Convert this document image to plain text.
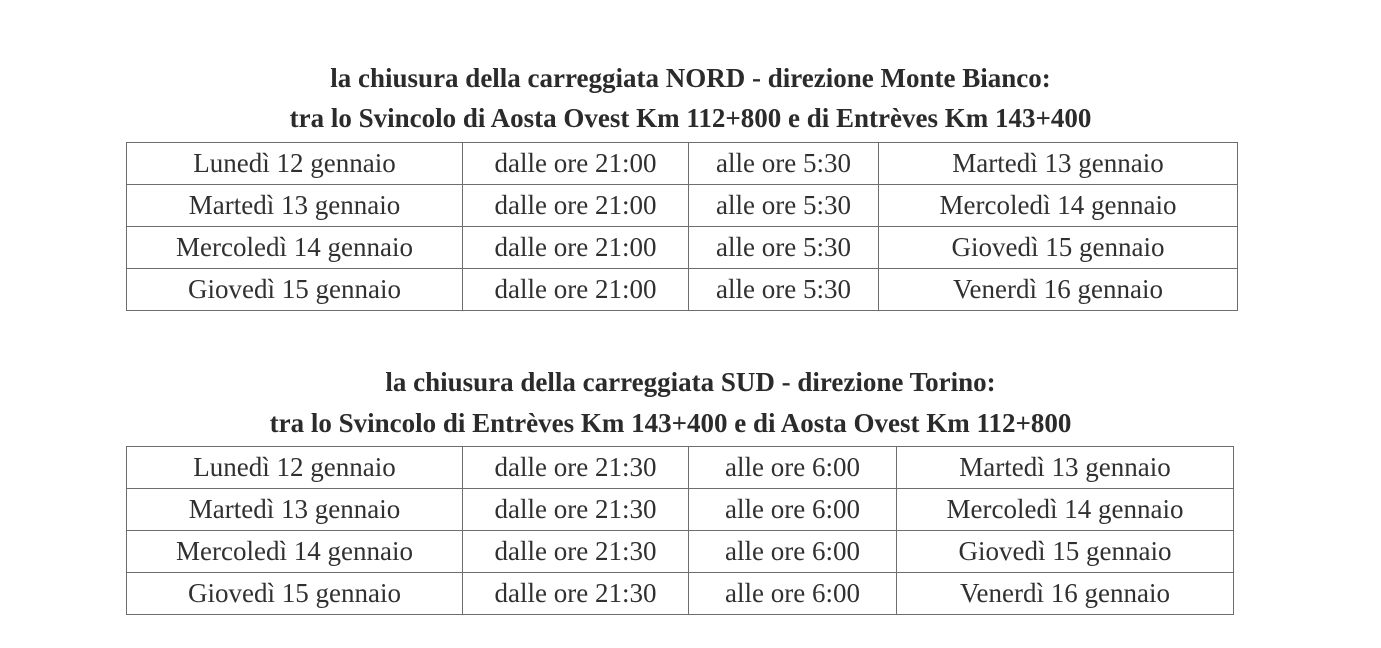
la chiusura della carreggiata NORD - direzione Monte Bianco:
tra lo Svincolo di Aosta Ovest Km 112+800 e di Entrèves Km 143+400
Lunedì 12 gennaio	dalle ore 21:00	alle ore 5:30	Martedì 13 gennaio
Martedì 13 gennaio	dalle ore 21:00	alle ore 5:30	Mercoledì 14 gennaio
Mercoledì 14 gennaio	dalle ore 21:00	alle ore 5:30	Giovedì 15 gennaio
Giovedì 15 gennaio	dalle ore 21:00	alle ore 5:30	Venerdì 16 gennaio
la chiusura della carreggiata SUD - direzione Torino:
tra lo Svincolo di Entrèves Km 143+400 e di Aosta Ovest Km 112+800
Lunedì 12 gennaio	dalle ore 21:30	alle ore 6:00	Martedì 13 gennaio
Martedì 13 gennaio	dalle ore 21:30	alle ore 6:00	Mercoledì 14 gennaio
Mercoledì 14 gennaio	dalle ore 21:30	alle ore 6:00	Giovedì 15 gennaio
Giovedì 15 gennaio	dalle ore 21:30	alle ore 6:00	Venerdì 16 gennaio
